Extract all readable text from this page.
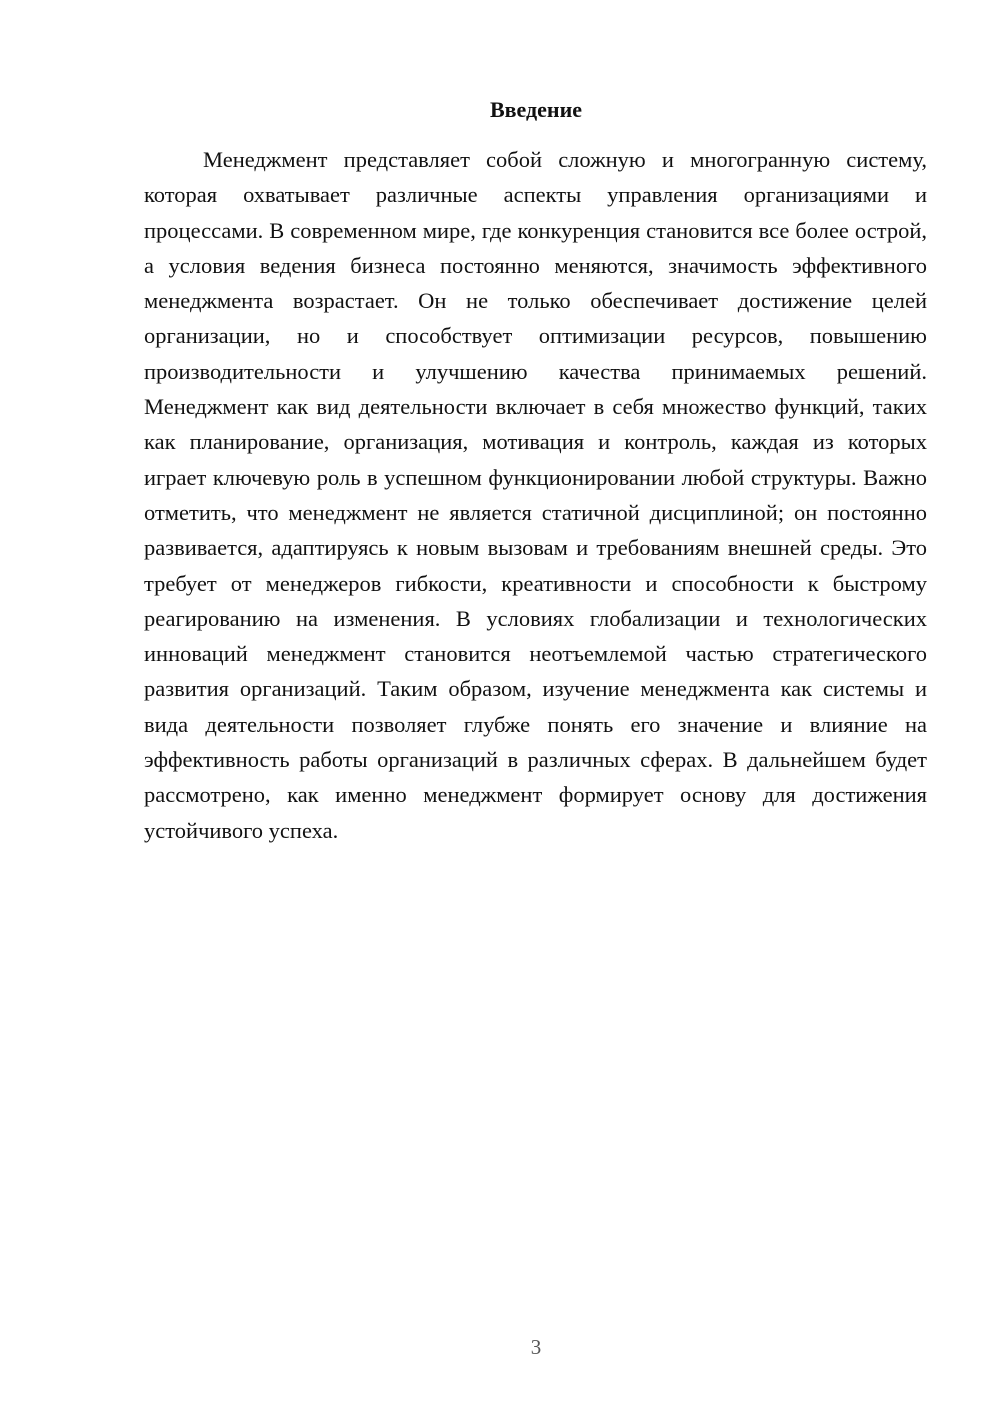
Введение

Менеджмент представляет собой сложную и многогранную систему, которая охватывает различные аспекты управления организациями и процессами. В современном мире, где конкуренция становится все более острой, а условия ведения бизнеса постоянно меняются, значимость эффективного менеджмента возрастает. Он не только обеспечивает достижение целей организации, но и способствует оптимизации ресурсов, повышению производительности и улучшению качества принимаемых решений. Менеджмент как вид деятельности включает в себя множество функций, таких как планирование, организация, мотивация и контроль, каждая из которых играет ключевую роль в успешном функционировании любой структуры. Важно отметить, что менеджмент не является статичной дисциплиной; он постоянно развивается, адаптируясь к новым вызовам и требованиям внешней среды. Это требует от менеджеров гибкости, креативности и способности к быстрому реагированию на изменения. В условиях глобализации и технологических инноваций менеджмент становится неотъемлемой частью стратегического развития организаций. Таким образом, изучение менеджмента как системы и вида деятельности позволяет глубже понять его значение и влияние на эффективность работы организаций в различных сферах. В дальнейшем будет рассмотрено, как именно менеджмент формирует основу для достижения устойчивого успеха.

3
